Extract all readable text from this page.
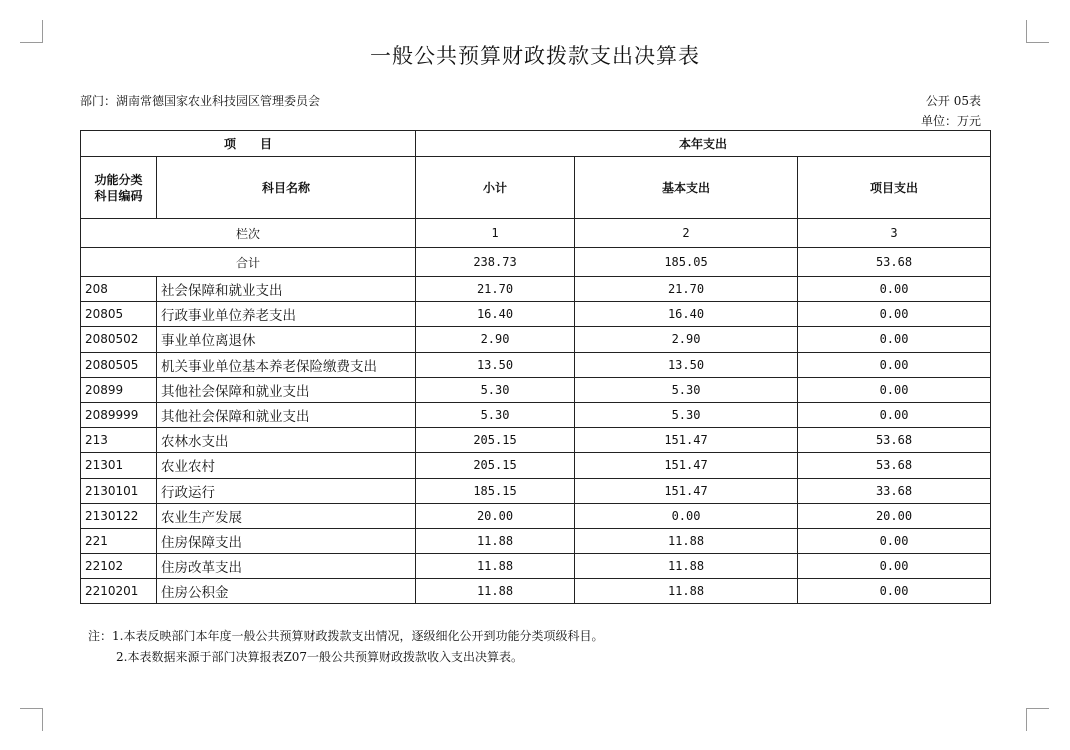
一般公共预算财政拨款支出决算表
部门：湖南常德国家农业科技园区管理委员会	公开 05表
单位：万元
项　　目		本年支出		
功能分类
科目编码	科目名称	小计	基本支出	项目支出
栏次		1	2	3
合计		238.73	185.05	53.68
208	社会保障和就业支出	21.70	21.70	0.00
20805	行政事业单位养老支出	16.40	16.40	0.00
2080502	事业单位离退休	2.90	2.90	0.00
2080505	机关事业单位基本养老保险缴费支出	13.50	13.50	0.00
20899	其他社会保障和就业支出	5.30	5.30	0.00
2089999	其他社会保障和就业支出	5.30	5.30	0.00
213	农林水支出	205.15	151.47	53.68
21301	农业农村	205.15	151.47	53.68
2130101	行政运行	185.15	151.47	33.68
2130122	农业生产发展	20.00	0.00	20.00
221	住房保障支出	11.88	11.88	0.00
22102	住房改革支出	11.88	11.88	0.00
2210201	住房公积金	11.88	11.88	0.00
注：1.本表反映部门本年度一般公共预算财政拨款支出情况，逐级细化公开到功能分类项级科目。
2.本表数据来源于部门决算报表Z07一般公共预算财政拨款收入支出决算表。
